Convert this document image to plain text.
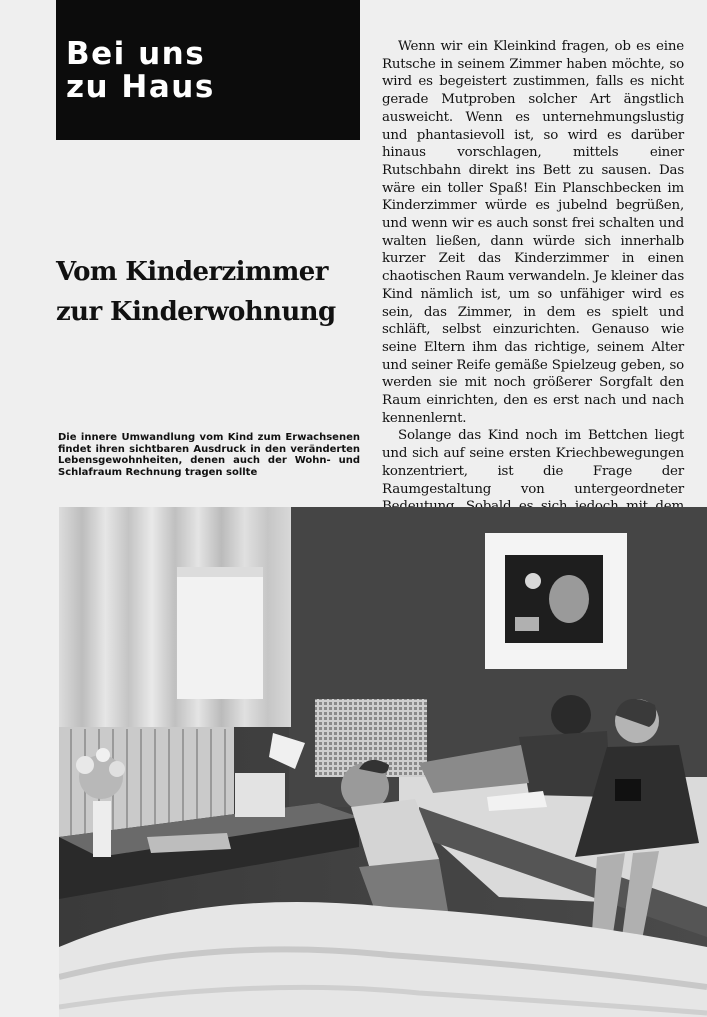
Bei uns
zu Haus
Vom Kinderzimmer
zur Kinderwohnung
Die innere Umwandlung vom Kind zum Erwachsenen findet ihren sichtbaren Ausdruck in den veränderten Lebensgewohnheiten, denen auch der Wohn- und Schlafraum Rechnung tragen sollte

Wenn wir ein Kleinkind fragen, ob es eine Rutsche in seinem Zimmer haben möchte, so wird es begeistert zustimmen, falls es nicht gerade Mutproben solcher Art ängstlich ausweicht. Wenn es unternehmungslustig und phantasievoll ist, so wird es darüber hinaus vorschlagen, mittels einer Rutschbahn direkt ins Bett zu sausen. Das wäre ein toller Spaß! Ein Planschbecken im Kinderzimmer würde es jubelnd begrüßen, und wenn wir es auch sonst frei schalten und walten ließen, dann würde sich innerhalb kurzer Zeit das Kinderzimmer in einen chaotischen Raum verwandeln. Je kleiner das Kind nämlich ist, um so unfähiger wird es sein, das Zimmer, in dem es spielt und schläft, selbst einzurichten. Genauso wie seine Eltern ihm das richtige, seinem Alter und seiner Reife gemäße Spielzeug geben, so werden sie mit noch größerer Sorgfalt den Raum einrichten, den es erst nach und nach kennenlernt.

Solange das Kind noch im Bettchen liegt und sich auf seine ersten Kriechbewegungen konzentriert, ist die Frage der Raumgestaltung von untergeordneter
